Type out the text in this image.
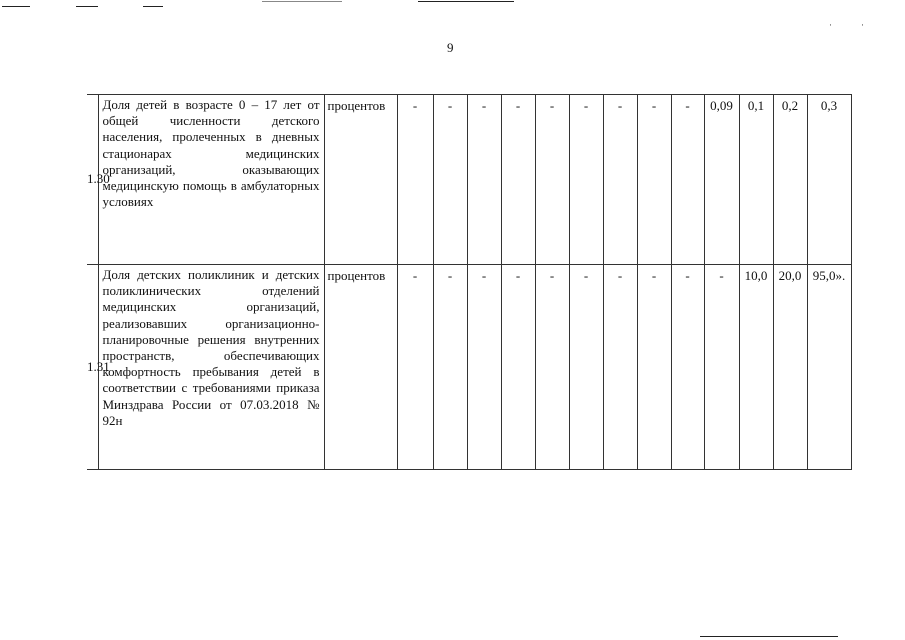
·	·
9
1.30	Доля детей в возрасте 0 – 17 лет от общей численности детского населения, пролеченных в дневных стационарах медицинских организаций, оказывающих медицинскую помощь в амбулаторных условиях	процентов	-	-	-	-	-	-	-	-	-	0,09	0,1	0,2	0,3
1.31	Доля детских поликлиник и детских поликлинических отделений медицинских организаций, реализовавших организационно-планировочные решения внутренних пространств, обеспечивающих комфортность пребывания детей в соответствии с требованиями приказа Минздрава России от 07.03.2018 № 92н	процентов	-	-	-	-	-	-	-	-	-	-	10,0	20,0	95,0».
